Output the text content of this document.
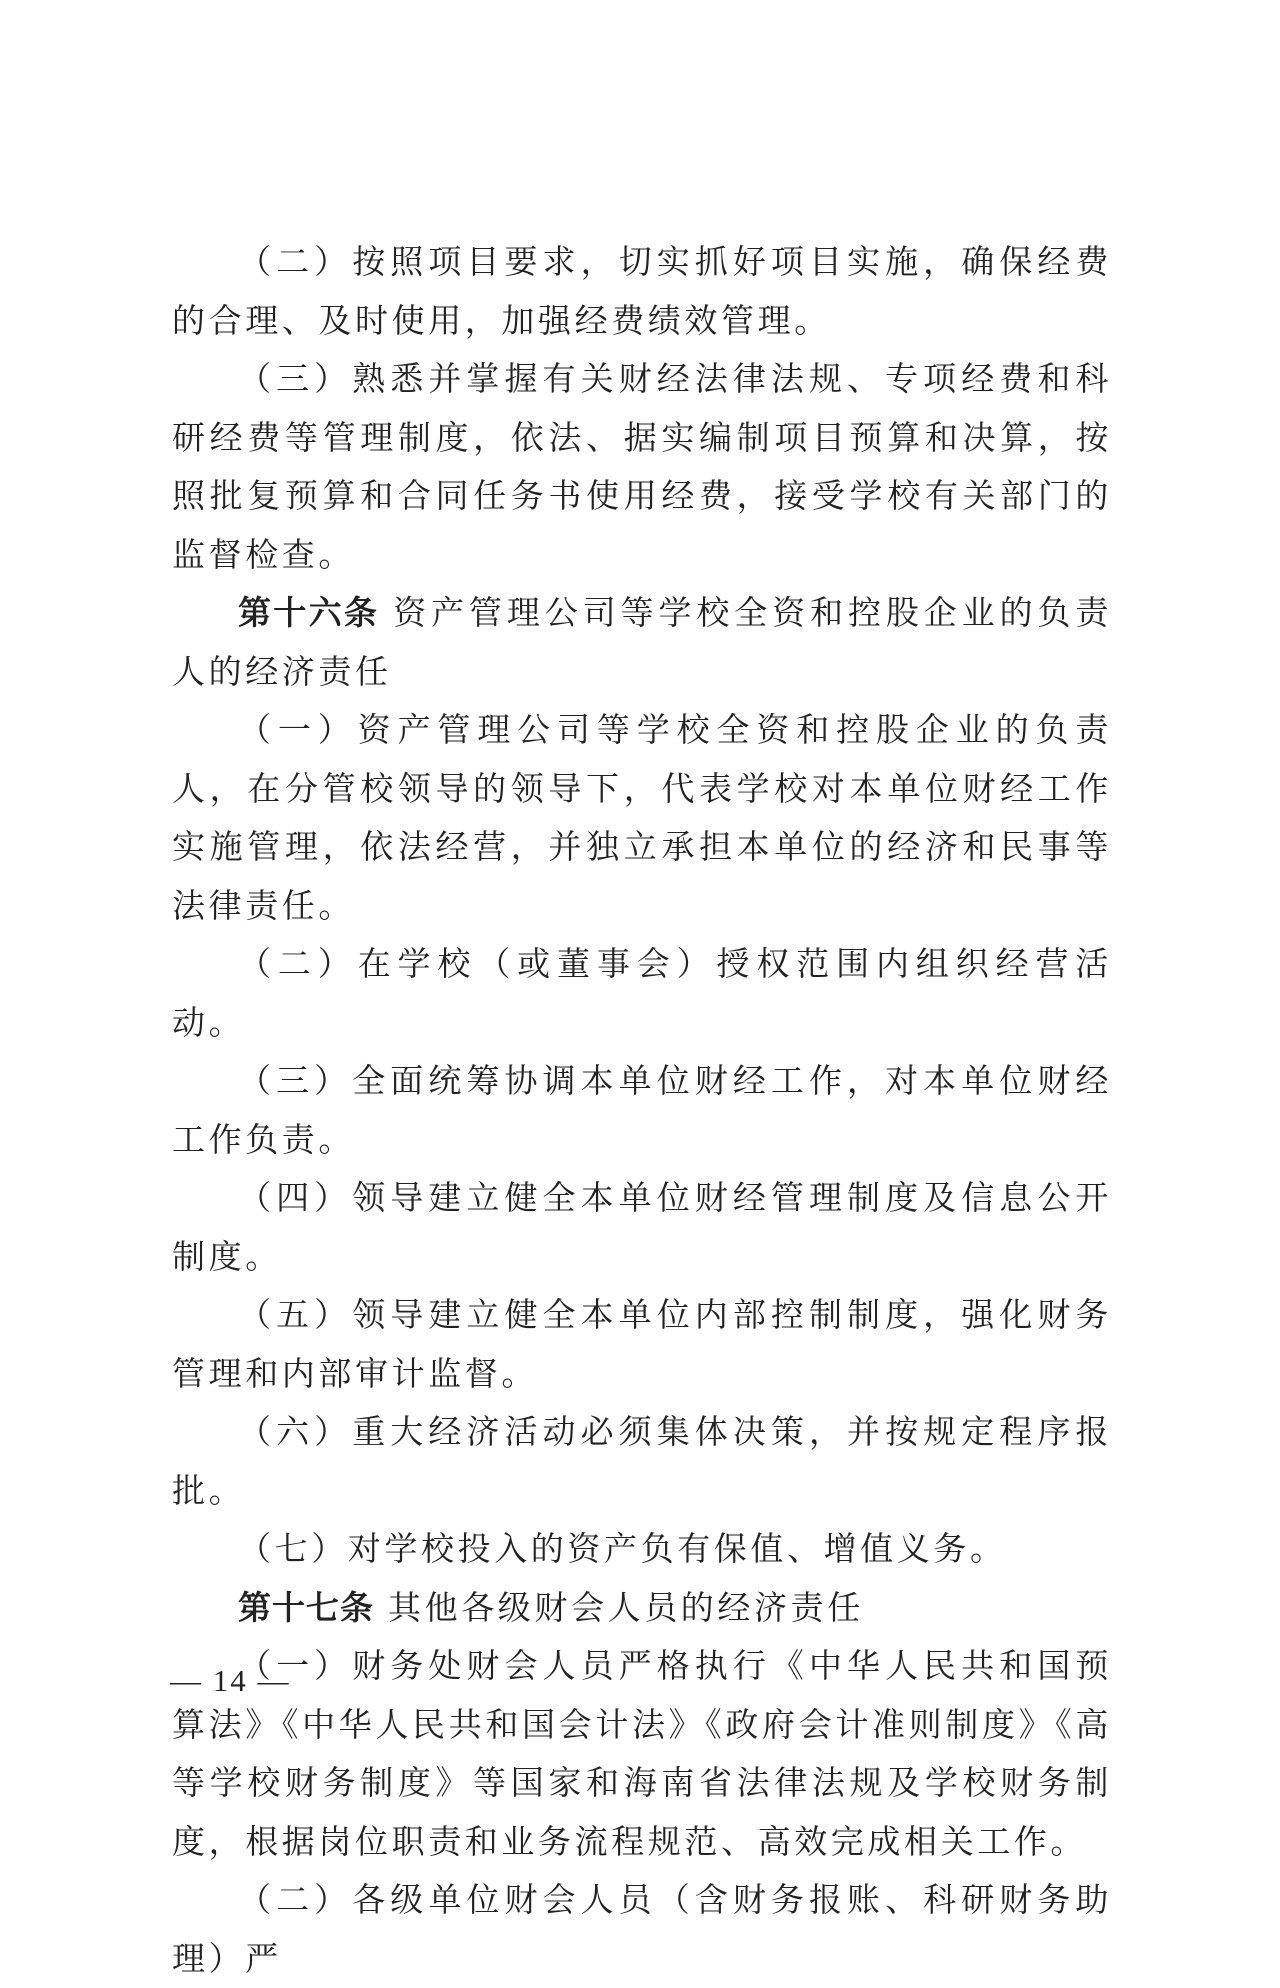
（二）按照项目要求，切实抓好项目实施，确保经费的合理、及时使用，加强经费绩效管理。

（三）熟悉并掌握有关财经法律法规、专项经费和科研经费等管理制度，依法、据实编制项目预算和决算，按照批复预算和合同任务书使用经费，接受学校有关部门的监督检查。

第十六条 资产管理公司等学校全资和控股企业的负责人的经济责任

（一）资产管理公司等学校全资和控股企业的负责人，在分管校领导的领导下，代表学校对本单位财经工作实施管理，依法经营，并独立承担本单位的经济和民事等法律责任。

（二）在学校（或董事会）授权范围内组织经营活动。

（三）全面统筹协调本单位财经工作，对本单位财经工作负责。

（四）领导建立健全本单位财经管理制度及信息公开制度。

（五）领导建立健全本单位内部控制制度，强化财务管理和内部审计监督。

（六）重大经济活动必须集体决策，并按规定程序报批。

（七）对学校投入的资产负有保值、增值义务。

第十七条 其他各级财会人员的经济责任

（一）财务处财会人员严格执行《中华人民共和国预算法》《中华人民共和国会计法》《政府会计准则制度》《高等学校财务制度》等国家和海南省法律法规及学校财务制度，根据岗位职责和业务流程规范、高效完成相关工作。

（二）各级单位财会人员（含财务报账、科研财务助理）严

— 14 —
